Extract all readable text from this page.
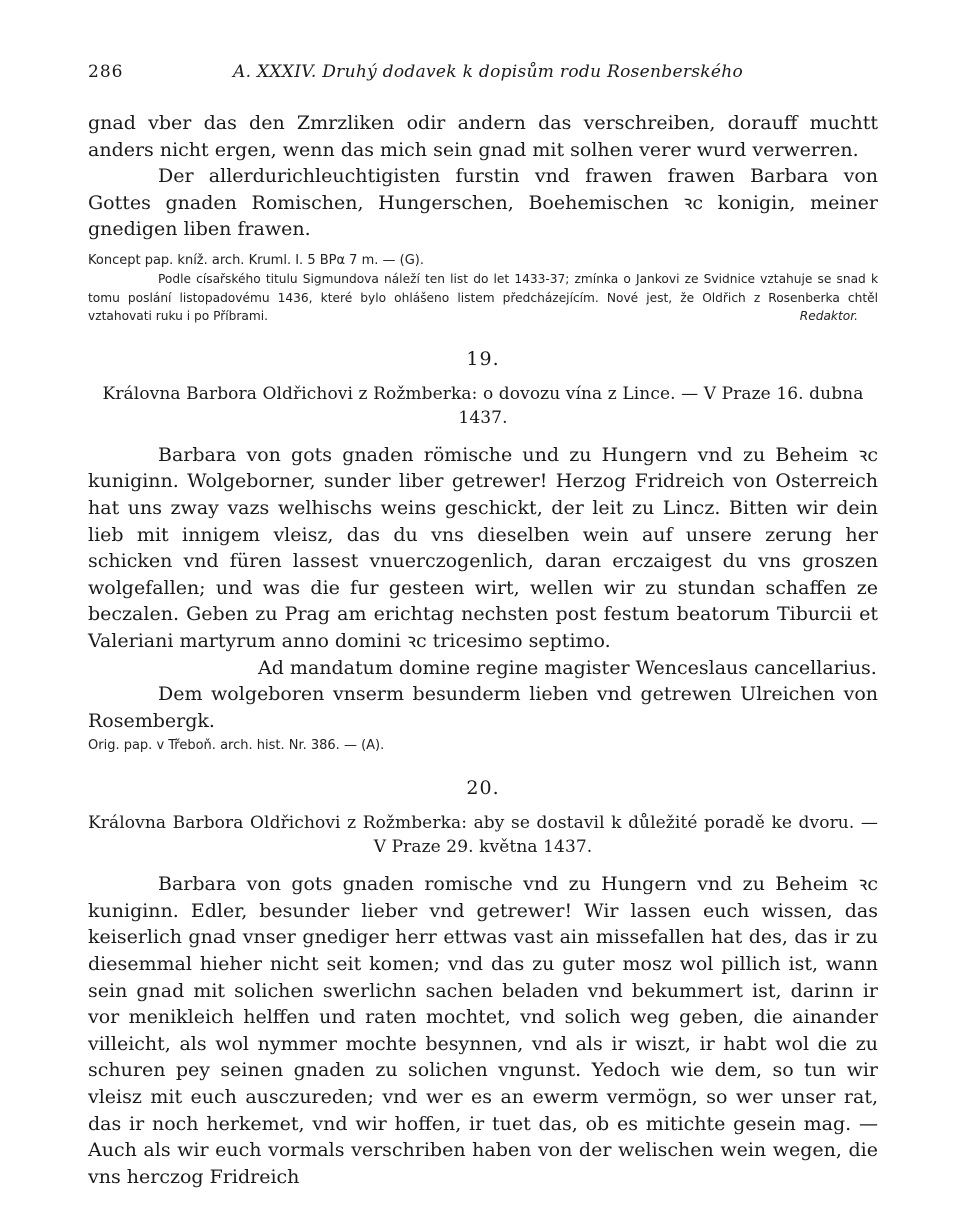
286	A. XXXIV. Druhý dodavek k dopisům rodu Rosenberského

gnad vber das den Zmrzliken odir andern das verschreiben, dorauff muchtt anders nicht ergen, wenn das mich sein gnad mit solhen verer wurd verwerren.

Der allerdurichleuchtigisten furstin vnd frawen frawen Barbara von Gottes gnaden Romischen, Hungerschen, Boehemischen ꝛc konigin, meiner gnedigen liben frawen.

Koncept pap. kníž. arch. Kruml. I. 5 BPα 7 m. — (G).

Podle císařského titulu Sigmundova náleží ten list do let 1433-37; zmínka o Jankovi ze Svidnice vztahuje se snad k tomu poslání listopadovému 1436, které bylo ohlášeno listem předcházejícím. Nové jest, že Oldřich z Rosenberka chtěl vztahovati ruku i po Příbrami.	Redaktor.
19.
Královna Barbora Oldřichovi z Rožmberka: o dovozu vína z Lince. — V Praze 16. dubna 1437.

Barbara von gots gnaden römische und zu Hungern vnd zu Beheim ꝛc kuniginn. Wolgeborner, sunder liber getrewer! Herzog Fridreich von Osterreich hat uns zway vazs welhischs weins geschickt, der leit zu Lincz. Bitten wir dein lieb mit innigem vleisz, das du vns dieselben wein auf unsere zerung her schicken vnd füren lassest vnuerczogenlich, daran erczaigest du vns groszen wolgefallen; und was die fur gesteen wirt, wellen wir zu stundan schaffen ze beczalen. Geben zu Prag am erichtag nechsten post festum beatorum Tiburcii et Valeriani martyrum anno domini ꝛc tricesimo septimo.

Ad mandatum domine regine magister Wenceslaus cancellarius.

Dem wolgeboren vnserm besunderm lieben vnd getrewen Ulreichen von Rosembergk.

Orig. pap. v Třeboň. arch. hist. Nr. 386. — (A).

20.
Královna Barbora Oldřichovi z Rožmberka: aby se dostavil k důležité poradě ke dvoru. —
V Praze 29. května 1437.

Barbara von gots gnaden romische vnd zu Hungern vnd zu Beheim ꝛc kuniginn. Edler, besunder lieber vnd getrewer! Wir lassen euch wissen, das keiserlich gnad vnser gnediger herr ettwas vast ain missefallen hat des, das ir zu diesemmal hieher nicht seit komen; vnd das zu guter mosz wol pillich ist, wann sein gnad mit solichen swerlichn sachen beladen vnd bekummert ist, darinn ir vor menikleich helffen und raten mochtet, vnd solich weg geben, die ainander villeicht, als wol nymmer mochte besynnen, vnd als ir wiszt, ir habt wol die zu schuren pey seinen gnaden zu solichen vngunst. Yedoch wie dem, so tun wir vleisz mit euch ausczureden; vnd wer es an ewerm vermögn, so wer unser rat, das ir noch herkemet, vnd wir hoffen, ir tuet das, ob es mitichte gesein mag. — Auch als wir euch vormals verschriben haben von der welischen wein wegen, die vns herczog Fridreich
